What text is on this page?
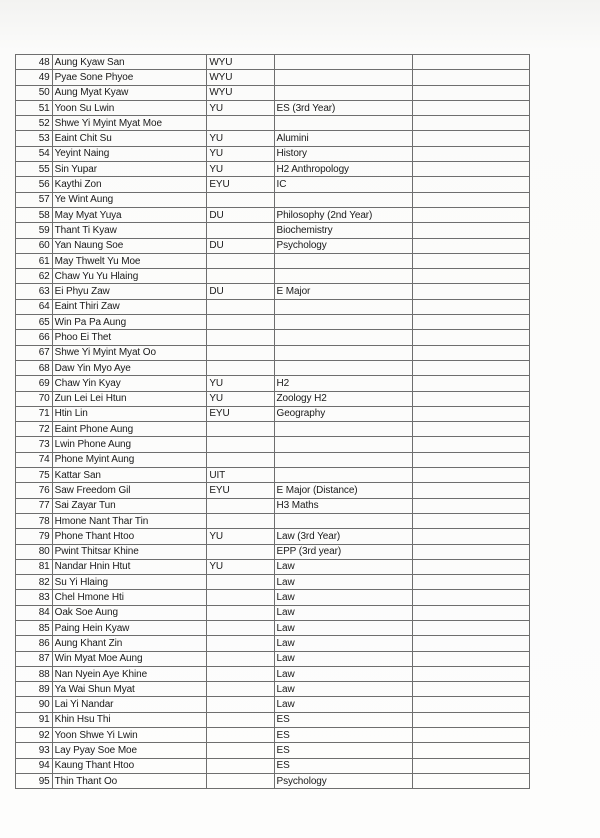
48	Aung Kyaw San	WYU		
49	Pyae Sone Phyoe	WYU		
50	Aung Myat Kyaw	WYU		
51	Yoon Su Lwin	YU	ES (3rd Year)	
52	Shwe Yi Myint Myat Moe			
53	Eaint Chit Su	YU	Alumini	
54	Yeyint Naing	YU	History	
55	Sin Yupar	YU	H2 Anthropology	
56	Kaythi Zon	EYU	IC	
57	Ye Wint Aung			
58	May Myat Yuya	DU	Philosophy (2nd Year)	
59	Thant Ti Kyaw		Biochemistry	
60	Yan Naung Soe	DU	Psychology	
61	May Thwelt Yu Moe			
62	Chaw Yu Yu Hlaing			
63	Ei Phyu Zaw	DU	E Major	
64	Eaint Thiri Zaw			
65	Win Pa Pa Aung			
66	Phoo Ei Thet			
67	Shwe Yi Myint Myat Oo			
68	Daw Yin Myo Aye			
69	Chaw Yin Kyay	YU	H2	
70	Zun Lei Lei Htun	YU	Zoology H2	
71	Htin Lin	EYU	Geography	
72	Eaint Phone Aung			
73	Lwin Phone Aung			
74	Phone Myint Aung			
75	Kattar San	UIT		
76	Saw Freedom Gil	EYU	E Major (Distance)	
77	Sai Zayar Tun		H3 Maths	
78	Hmone Nant Thar Tin			
79	Phone Thant Htoo	YU	Law (3rd Year)	
80	Pwint Thitsar Khine		EPP (3rd year)	
81	Nandar Hnin Htut	YU	Law	
82	Su Yi Hlaing		Law	
83	Chel Hmone Hti		Law	
84	Oak Soe Aung		Law	
85	Paing Hein Kyaw		Law	
86	Aung Khant Zin		Law	
87	Win Myat Moe Aung		Law	
88	Nan Nyein Aye Khine		Law	
89	Ya Wai Shun Myat		Law	
90	Lai Yi Nandar		Law	
91	Khin Hsu Thi		ES	
92	Yoon Shwe Yi Lwin		ES	
93	Lay Pyay Soe Moe		ES	
94	Kaung Thant Htoo		ES	
95	Thin Thant Oo		Psychology	
